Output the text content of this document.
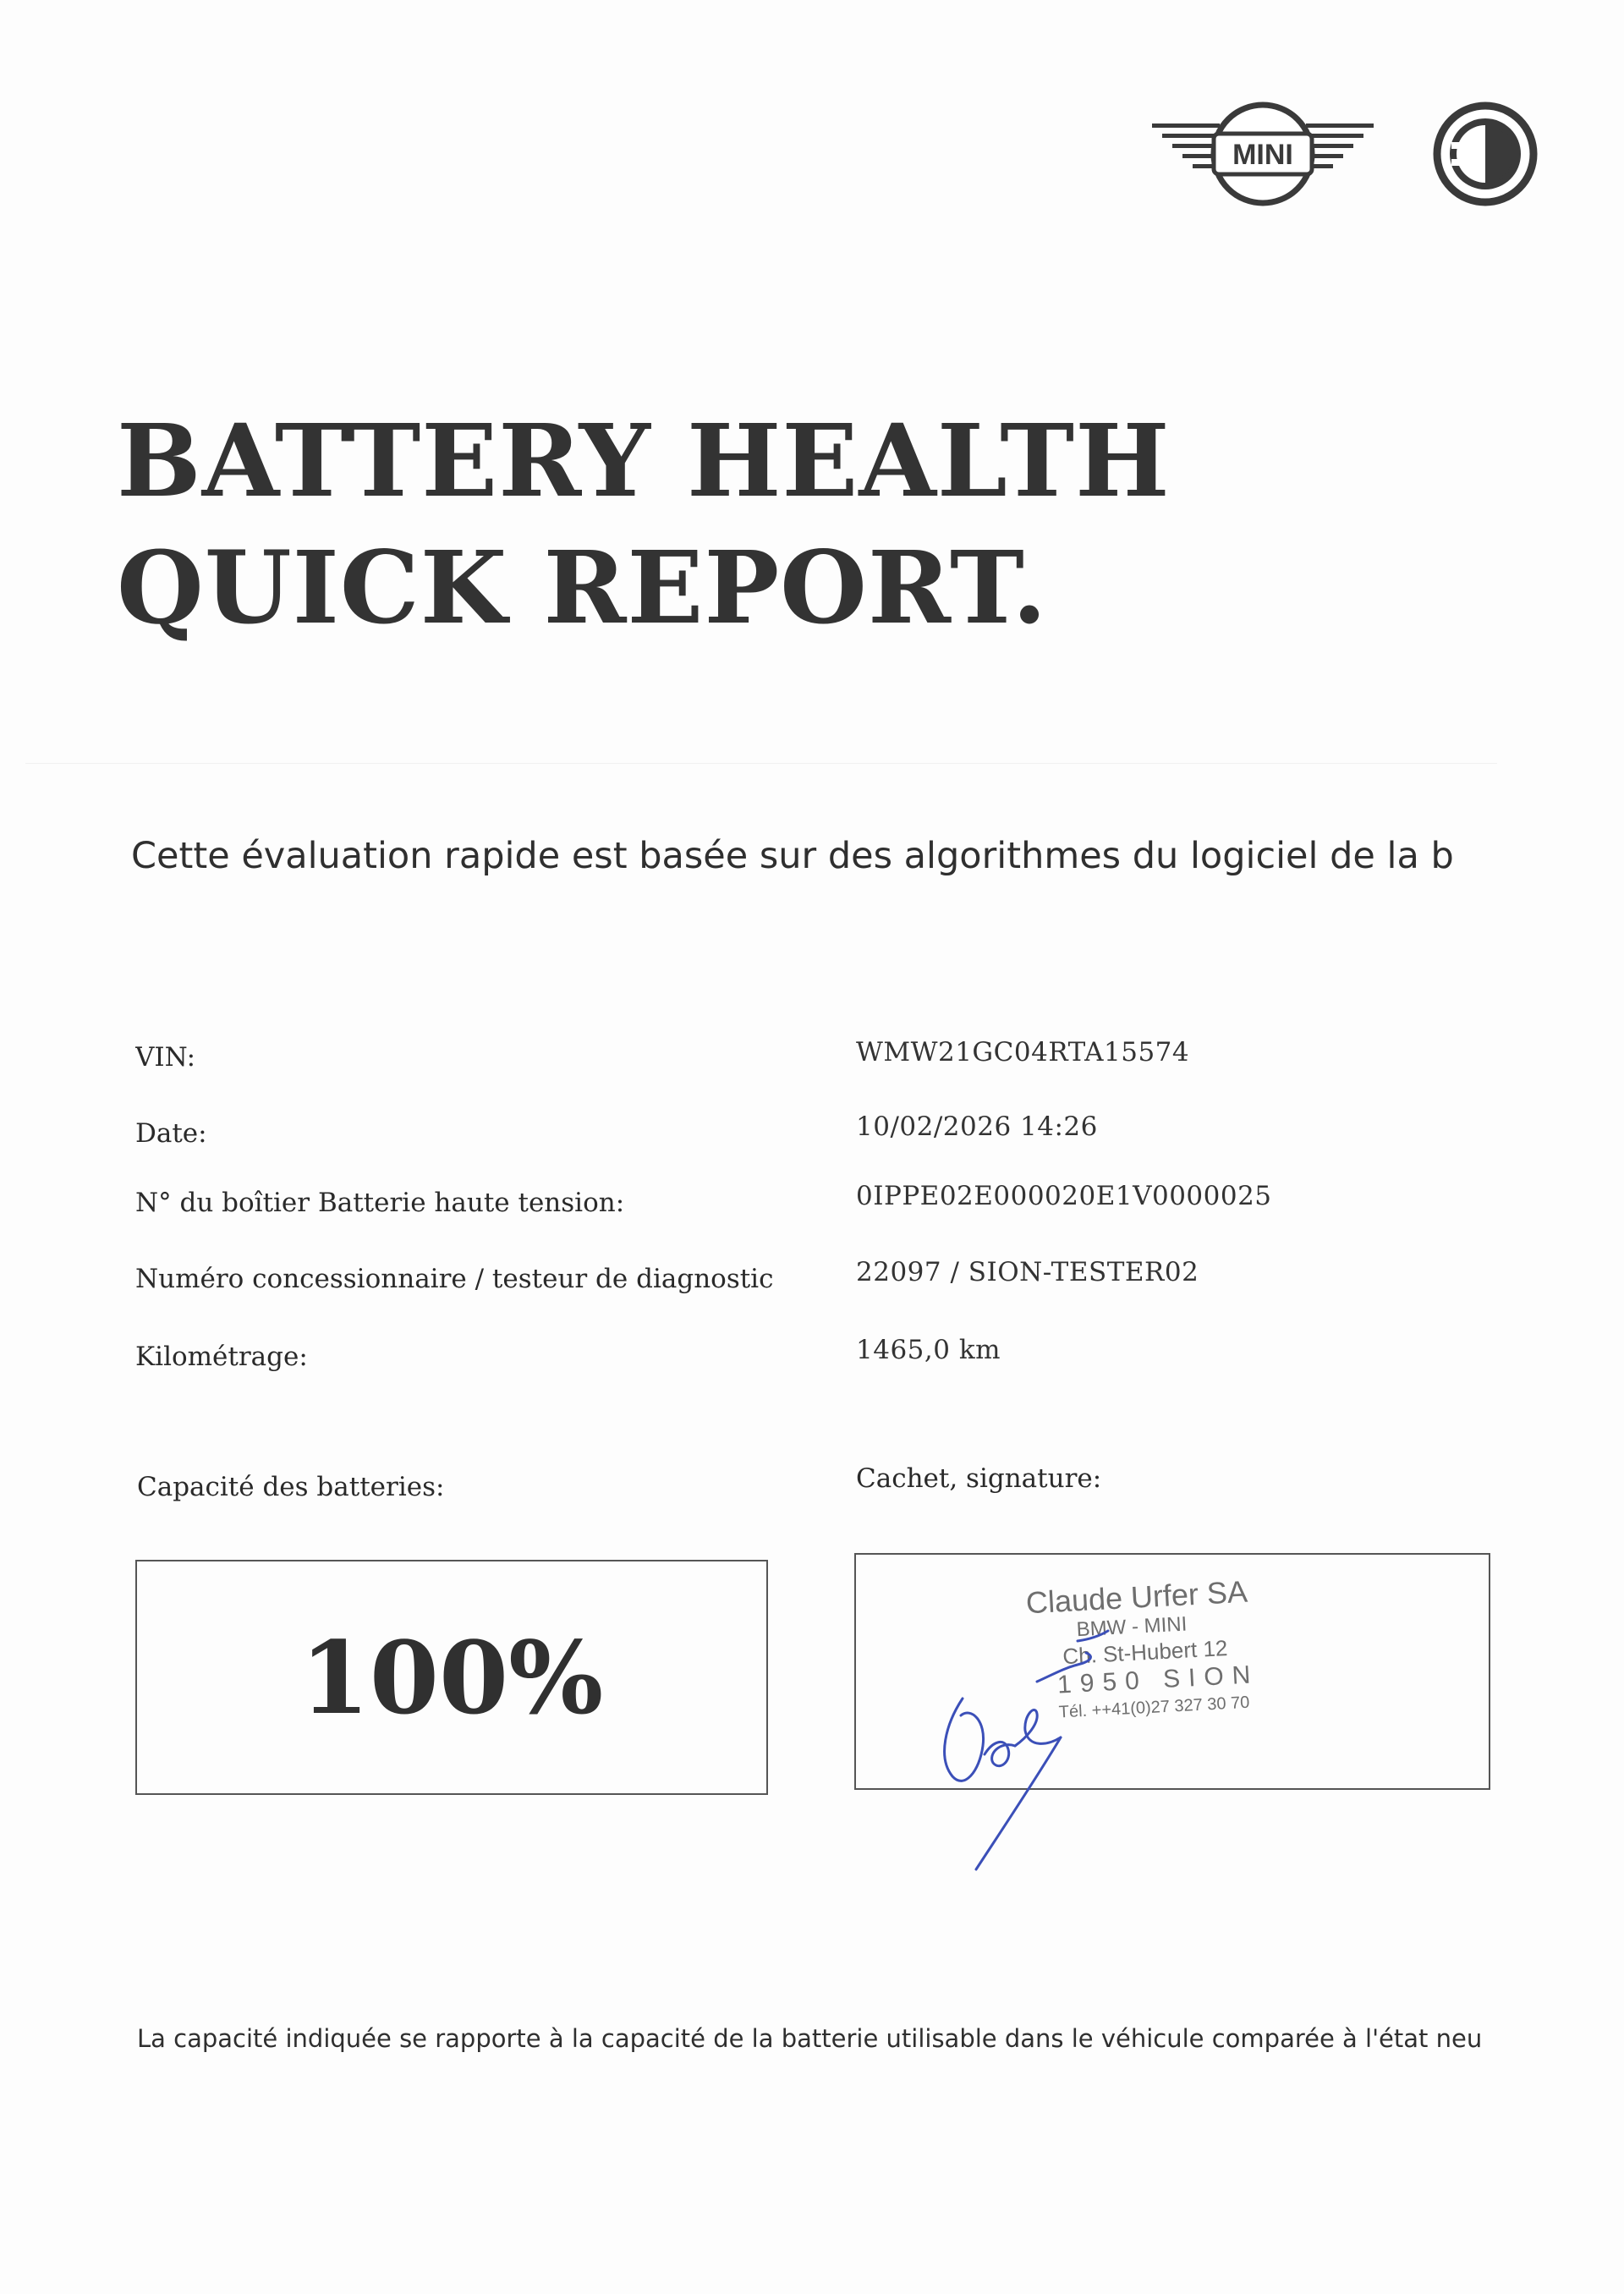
MINI
BATTERY HEALTH
QUICK REPORT.
Cette évaluation rapide est basée sur des algorithmes du logiciel de la b
VIN:	WMW21GC04RTA15574
Date:	10/02/2026 14:26
N° du boîtier Batterie haute tension:	0IPPE02E000020E1V0000025
Numéro concessionnaire / testeur de diagnostic	22097 / SION-TESTER02
Kilométrage:	1465,0 km
Capacité des batteries:
100%
Cachet, signature:
Claude Urfer SA
BMW - MINI
Ch. St-Hubert 12
1950 SION
Tél. ++41(0)27 327 30 70
La capacité indiquée se rapporte à la capacité de la batterie utilisable dans le véhicule comparée à l'état neu
